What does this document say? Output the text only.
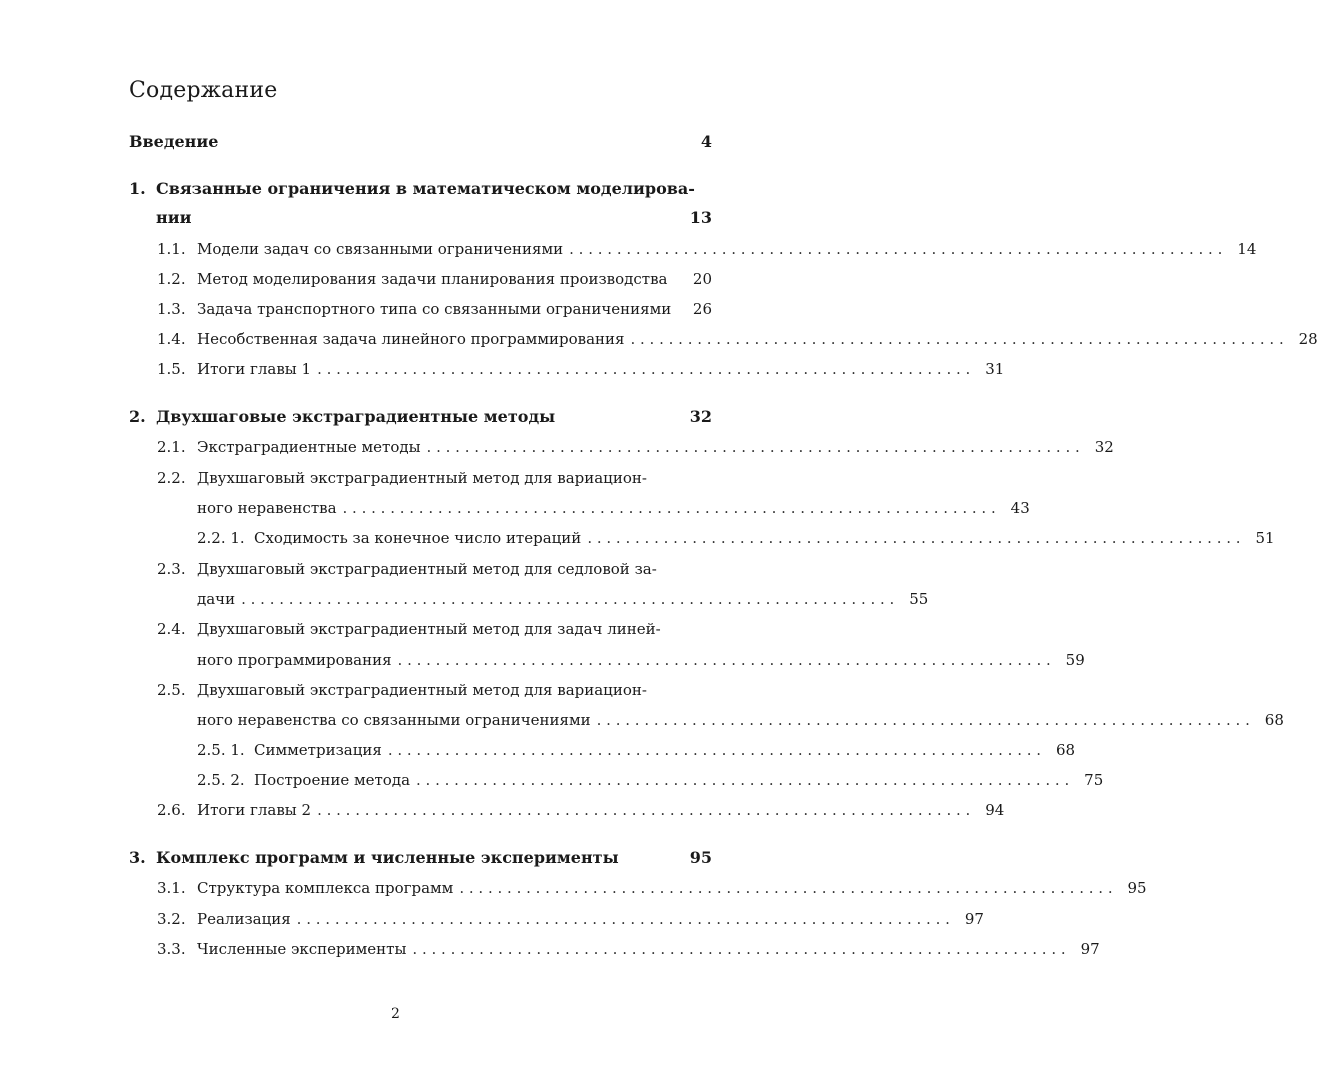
Содержание
Введение	4
1. Связанные ограничения в математическом моделирова-
нии	13
1.1. Модели задач со связанными ограничениями . . .	14
1.2. Метод моделирования задачи планирования производства	20
1.3. Задача транспортного типа со связанными ограничениями	26
1.4. Несобственная задача линейного программирования . . .	28
1.5. Итоги главы 1 . . .	31
2. Двухшаговые экстраградиентные методы	32
2.1. Экстраградиентные методы . . .	32
2.2. Двухшаговый экстраградиентный метод для вариацион-
ного неравенства . . .	43
2.2. 1. Сходимость за конечное число итераций . . .	51
2.3. Двухшаговый экстраградиентный метод для седловой за-
дачи . . .	55
2.4. Двухшаговый экстраградиентный метод для задач линей-
ного программирования . . .	59
2.5. Двухшаговый экстраградиентный метод для вариацион-
ного неравенства со связанными ограничениями . . .	68
2.5. 1. Симметризация . . .	68
2.5. 2. Построение метода . . .	75
2.6. Итоги главы 2 . . .	94
3. Комплекс программ и численные эксперименты	95
3.1. Структура комплекса программ . . .	95
3.2. Реализация . . .	97
3.3. Численные эксперименты . . .	97
2
